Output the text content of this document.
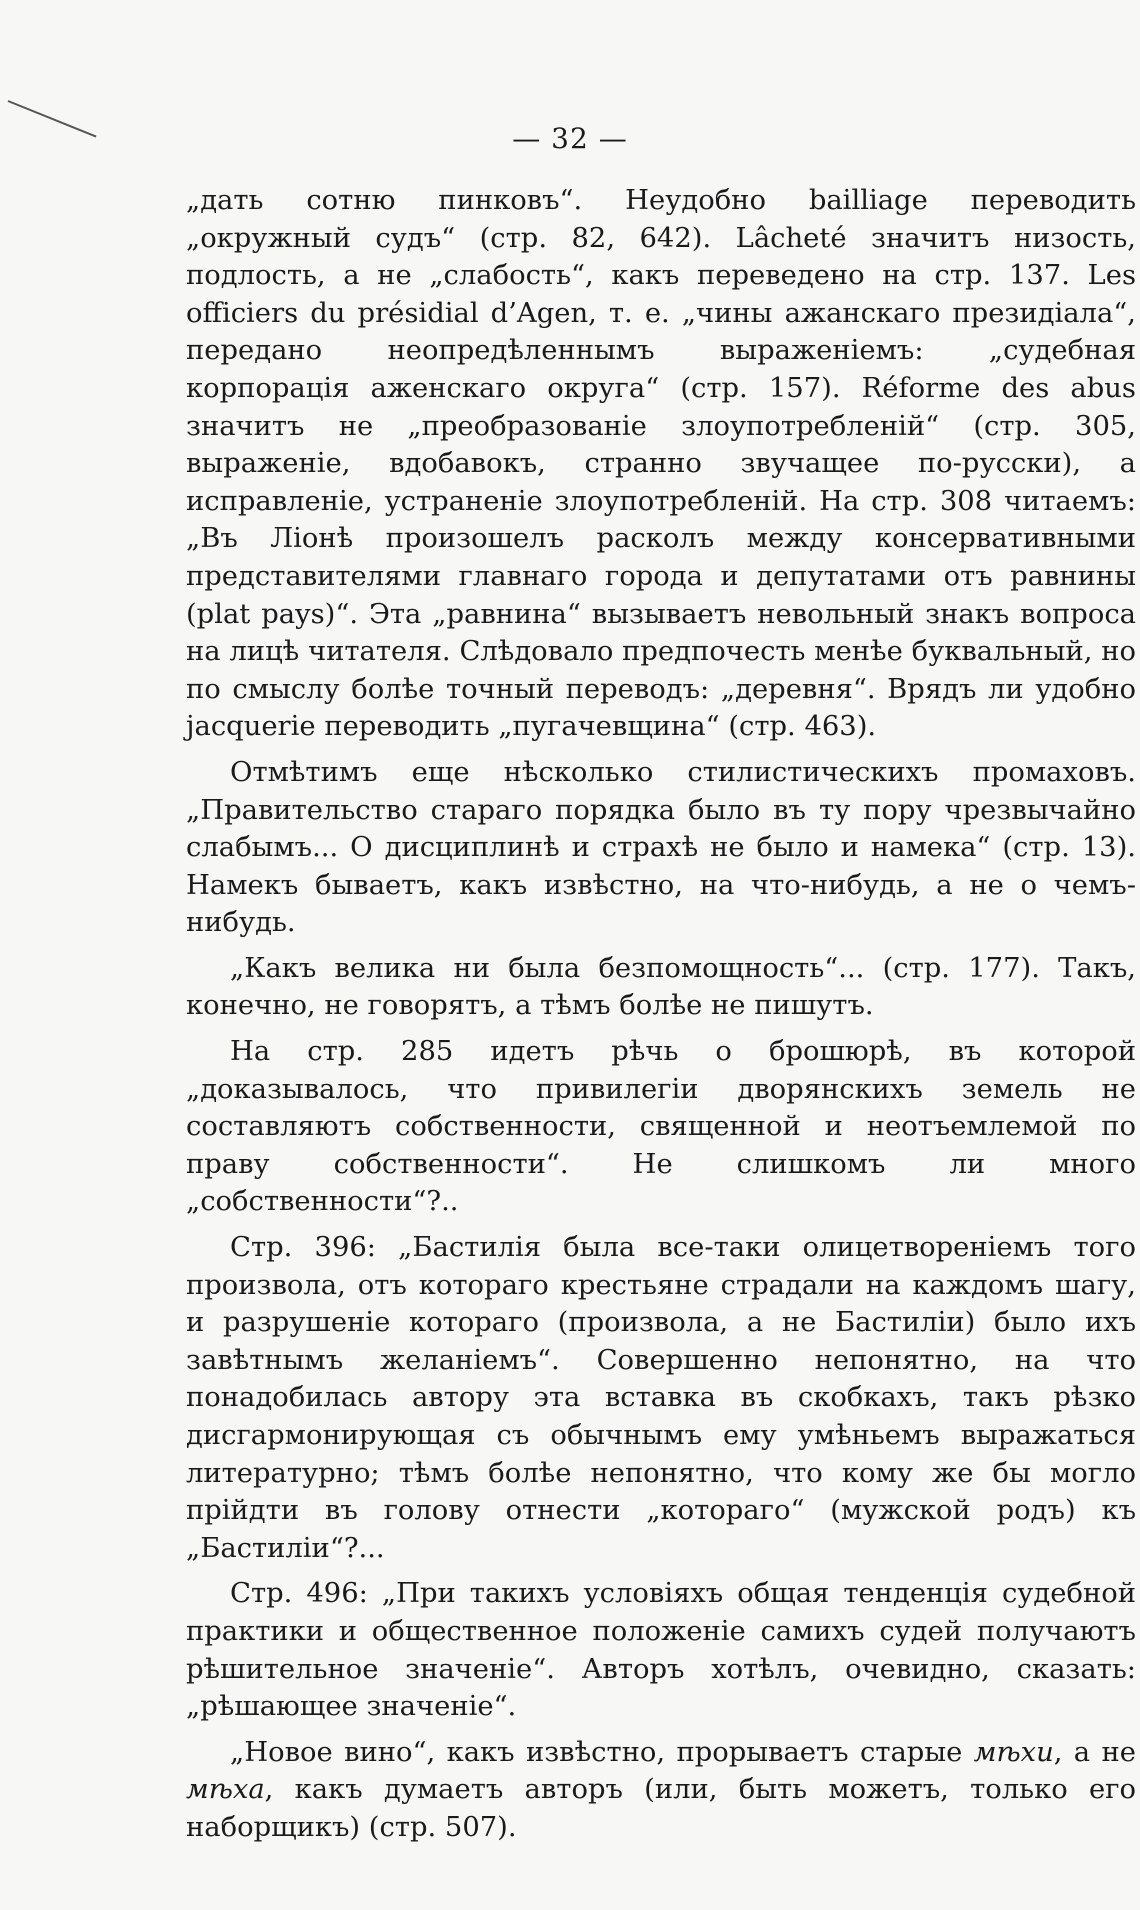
— 32 —

„дать сотню пинковъ“. Неудобно bailliage переводить „окружный судъ“ (стр. 82, 642). Lâcheté значитъ низость, подлость, а не „слабость“, какъ переведено на стр. 137. Les officiers du présidial d’Agen, т. е. „чины ажанскаго президiала“, передано неопредѣленнымъ выраженiемъ: „судебная корпорацiя аженскаго округа“ (стр. 157). Réforme des abus значитъ не „преобразованiе злоупотребленiй“ (стр. 305, выраженiе, вдобавокъ, странно звучащее по-русски), а исправленiе, устраненiе злоупотребленiй. На стр. 308 читаемъ: „Въ Лiонѣ произошелъ расколъ между консервативными представителями главнаго города и депутатами отъ равнины (plat pays)“. Эта „равнина“ вызываетъ невольный знакъ вопроса на лицѣ читателя. Слѣдовало предпочесть менѣе буквальный, но по смыслу болѣе точный переводъ: „деревня“. Врядъ ли удобно jacquerie переводить „пугачевщина“ (стр. 463).

Отмѣтимъ еще нѣсколько стилистическихъ промаховъ. „Правительство стараго порядка было въ ту пору чрезвычайно слабымъ... О дисциплинѣ и страхѣ не было и намека“ (стр. 13). Намекъ бываетъ, какъ извѣстно, на что-нибудь, а не о чемъ-нибудь.

„Какъ велика ни была безпомощность“... (стр. 177). Такъ, конечно, не говорятъ, а тѣмъ болѣе не пишутъ.

На стр. 285 идетъ рѣчь о брошюрѣ, въ которой „доказывалось, что привилегiи дворянскихъ земель не составляютъ собственности, священной и неотъемлемой по праву собственности“. Не слишкомъ ли много „собственности“?..

Стр. 396: „Бастилiя была все-таки олицетворенiемъ того произвола, отъ котораго крестьяне страдали на каждомъ шагу, и разрушенiе котораго (произвола, а не Бастилiи) было ихъ завѣтнымъ желанiемъ“. Совершенно непонятно, на что понадобилась автору эта вставка въ скобкахъ, такъ рѣзко дисгармонирующая съ обычнымъ ему умѣньемъ выражаться литературно; тѣмъ болѣе непонятно, что кому же бы могло прiйдти въ голову отнести „котораго“ (мужской родъ) къ „Бастилiи“?...

Стр. 496: „При такихъ условiяхъ общая тенденцiя судебной практики и общественное положенiе самихъ судей получаютъ рѣшительное значенiе“. Авторъ хотѣлъ, очевидно, сказать: „рѣшающее значенiе“.

„Новое вино“, какъ извѣстно, прорываетъ старые мѣхи, а не мѣха, какъ думаетъ авторъ (или, быть можетъ, только его наборщикъ) (стр. 507).
